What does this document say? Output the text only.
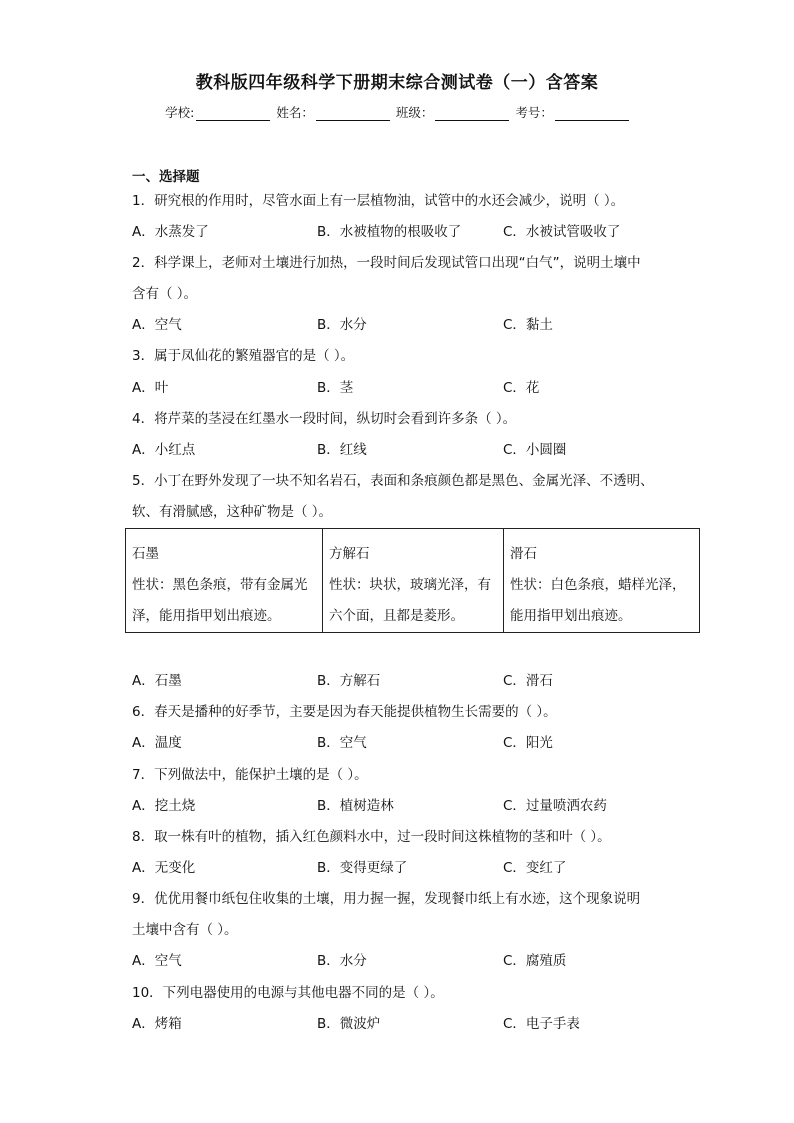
教科版四年级科学下册期末综合测试卷（一）含答案
学校:	姓名：	班级：	考号：
一、选择题
1．研究根的作用时，尽管水面上有一层植物油，试管中的水还会减少，说明（ ）。
A．水蒸发了	B．水被植物的根吸收了	C．水被试管吸收了
2．科学课上，老师对土壤进行加热，一段时间后发现试管口出现“白气”，说明土壤中
含有（ ）。
A．空气	B．水分	C．黏土
3．属于凤仙花的繁殖器官的是（ ）。
A．叶	B．茎	C．花
4．将芹菜的茎浸在红墨水一段时间，纵切时会看到许多条（ ）。
A．小红点	B．红线	C．小圆圈
5．小丁在野外发现了一块不知名岩石，表面和条痕颜色都是黑色、金属光泽、不透明、
软、有滑腻感，这种矿物是（ ）。
石墨
性状：黑色条痕，带有金属光
泽，能用指甲划出痕迹。

方解石
性状：块状，玻璃光泽，有
六个面，且都是菱形。

滑石
性状：白色条痕，蜡样光泽，
能用指甲划出痕迹。
A．石墨	B．方解石	C．滑石
6．春天是播种的好季节，主要是因为春天能提供植物生长需要的（ ）。
A．温度	B．空气	C．阳光
7．下列做法中，能保护土壤的是（ ）。
A．挖土烧	B．植树造林	C．过量喷洒农药
8．取一株有叶的植物，插入红色颜料水中，过一段时间这株植物的茎和叶（ ）。
A．无变化	B．变得更绿了	C．变红了
9．优优用餐巾纸包住收集的土壤，用力握一握，发现餐巾纸上有水迹，这个现象说明
土壤中含有（ ）。
A．空气	B．水分	C．腐殖质
10．下列电器使用的电源与其他电器不同的是（ ）。
A．烤箱	B．微波炉	C．电子手表
